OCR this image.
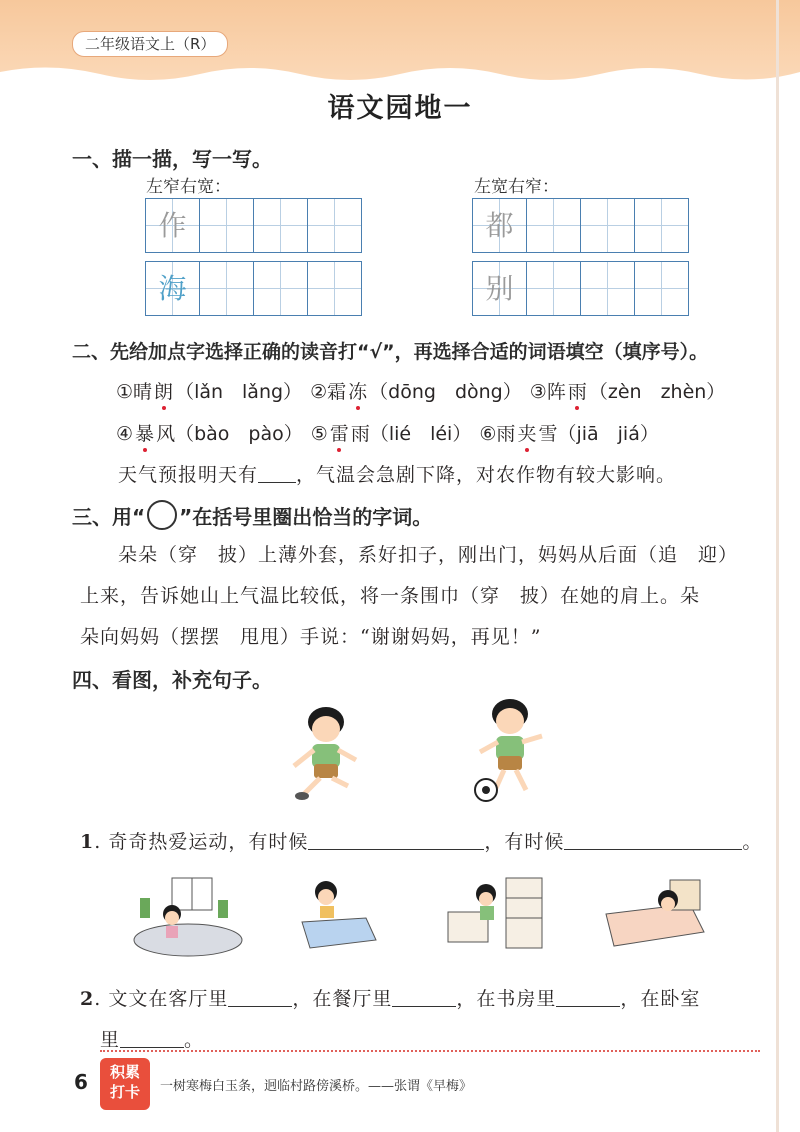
二年级语文上（R）
语文园地一
一、描一描，写一写。
左窄右宽：	左宽右窄：
作
海
都
别
二、先给加点字选择正确的读音打“√”，再选择合适的词语填空（填序号）。
①晴 朗 （lǎn　lǎng） ②霜 冻 （dōng　dòng） ③阵 雨 （zèn　zhèn）
④ 暴 风（bào　pào） ⑤ 雷 雨（lié　léi） ⑥雨 夹 雪（jiā　jiá）
天气预报明天有 ，气温会急剧下降，对农作物有较大影响。
三、用“ ”在括号里圈出恰当的字词。
朵朵（穿　披）上薄外套，系好扣子，刚出门，妈妈从后面（追　迎）
上来，告诉她山上气温比较低，将一条围巾（穿　披）在她的肩上。朵
朵向妈妈（摆摆　甩甩）手说：“谢谢妈妈，再见！”
四、看图，补充句子。
1. 奇奇热爱运动，有时候	，有时候	。
2. 文文在客厅里	，在餐厅里	，在书房里	，在卧室
里	。
6	积累
打卡	一树寒梅白玉条，迥临村路傍溪桥。——张谓《早梅》
